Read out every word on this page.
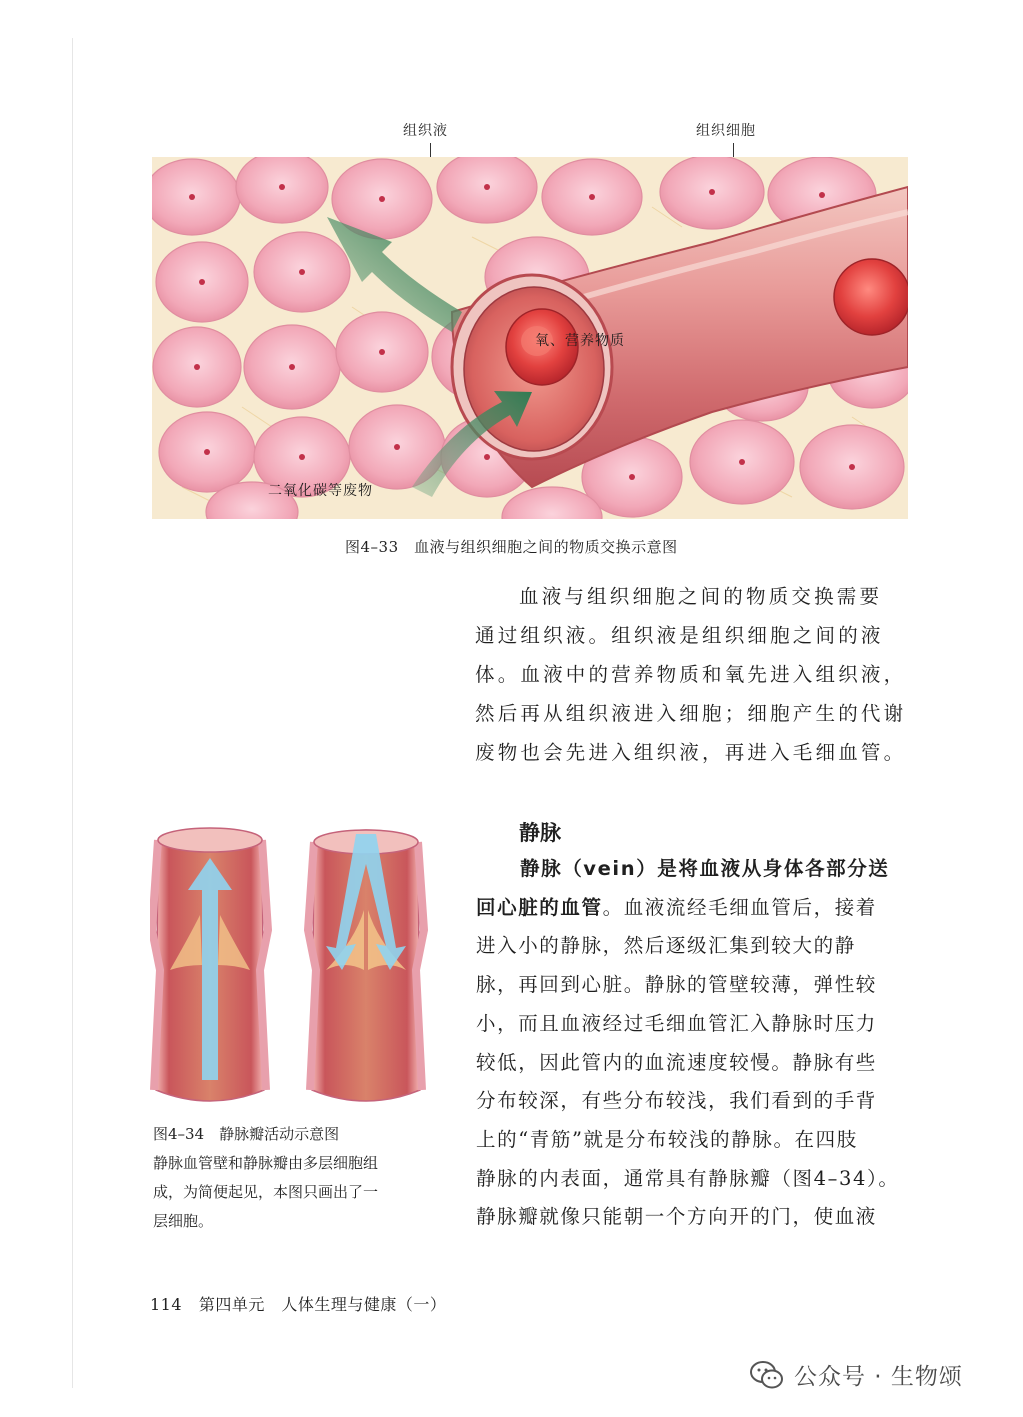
组织液	组织细胞
氧、营养物质
二氧化碳等废物
图4–33　血液与组织细胞之间的物质交换示意图

血液与组织细胞之间的物质交换需要

通过组织液。组织液是组织细胞之间的液

体。血液中的营养物质和氧先进入组织液，

然后再从组织液进入细胞；细胞产生的代谢

废物也会先进入组织液，再进入毛细血管。

静脉

静脉（vein）是将血液从身体各部分送

回心脏的血管。血液流经毛细血管后，接着

进入小的静脉，然后逐级汇集到较大的静

脉，再回到心脏。静脉的管壁较薄，弹性较

小，而且血液经过毛细血管汇入静脉时压力

较低，因此管内的血流速度较慢。静脉有些

分布较深，有些分布较浅，我们看到的手背

上的“青筋”就是分布较浅的静脉。在四肢

静脉的内表面，通常具有静脉瓣（图4–34）。

静脉瓣就像只能朝一个方向开的门，使血液

图4–34　静脉瓣活动示意图
静脉血管壁和静脉瓣由多层细胞组
成，为简便起见，本图只画出了一
层细胞。
114 第四单元　人体生理与健康（一）
公众号 · 生物颂
